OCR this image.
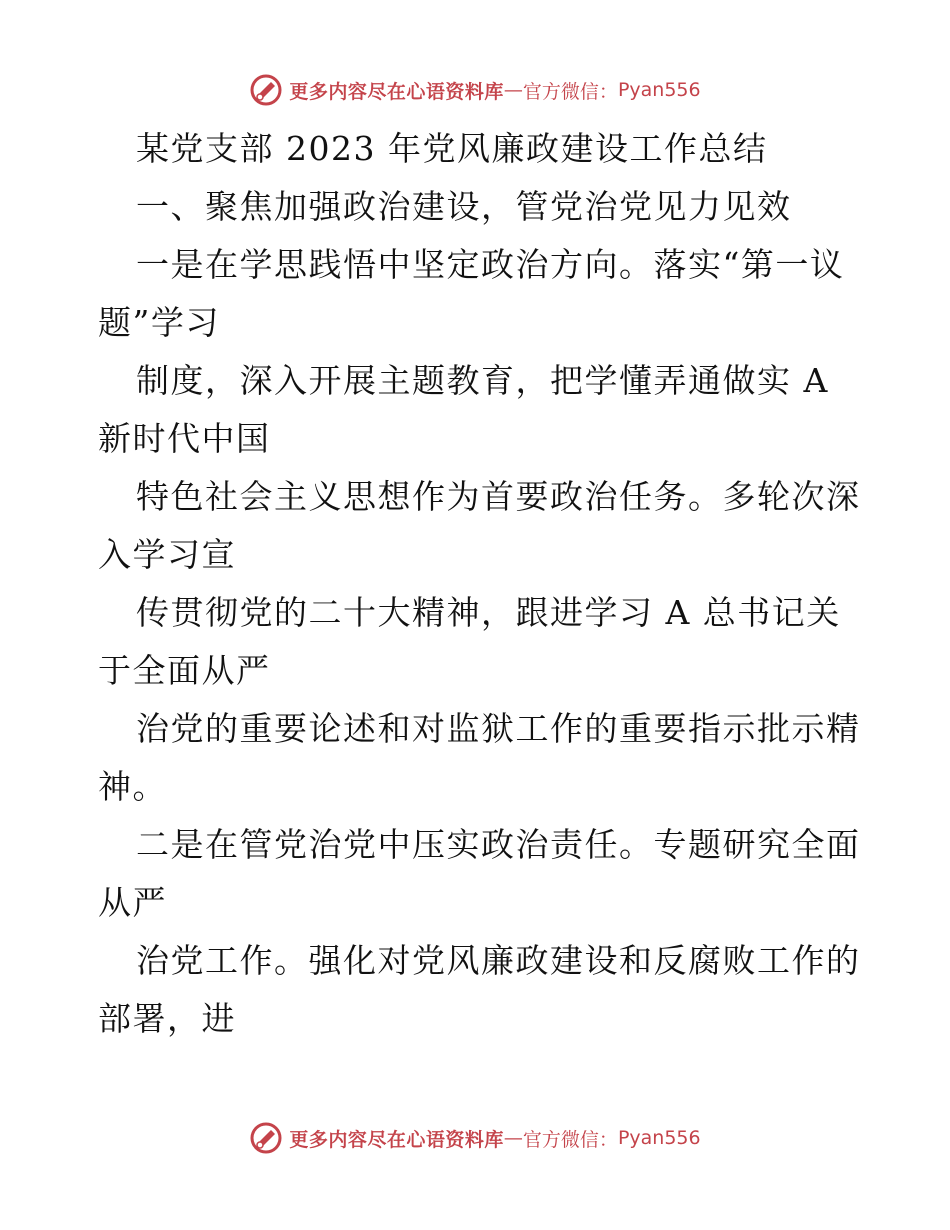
更多内容尽在心语资料库 — 官方微信： Pyan556
某党支部 2023 年党风廉政建设工作总结
一、聚焦加强政治建设，管党治党见力见效
一是在学思践悟中坚定政治方向。落实“第一议
题”学习
制度，深入开展主题教育，把学懂弄通做实 A
新时代中国
特色社会主义思想作为首要政治任务。多轮次深
入学习宣
传贯彻党的二十大精神，跟进学习 A 总书记关
于全面从严
治党的重要论述和对监狱工作的重要指示批示精
神。
二是在管党治党中压实政治责任。专题研究全面
从严
治党工作。强化对党风廉政建设和反腐败工作的
部署，进
更多内容尽在心语资料库 — 官方微信： Pyan556
